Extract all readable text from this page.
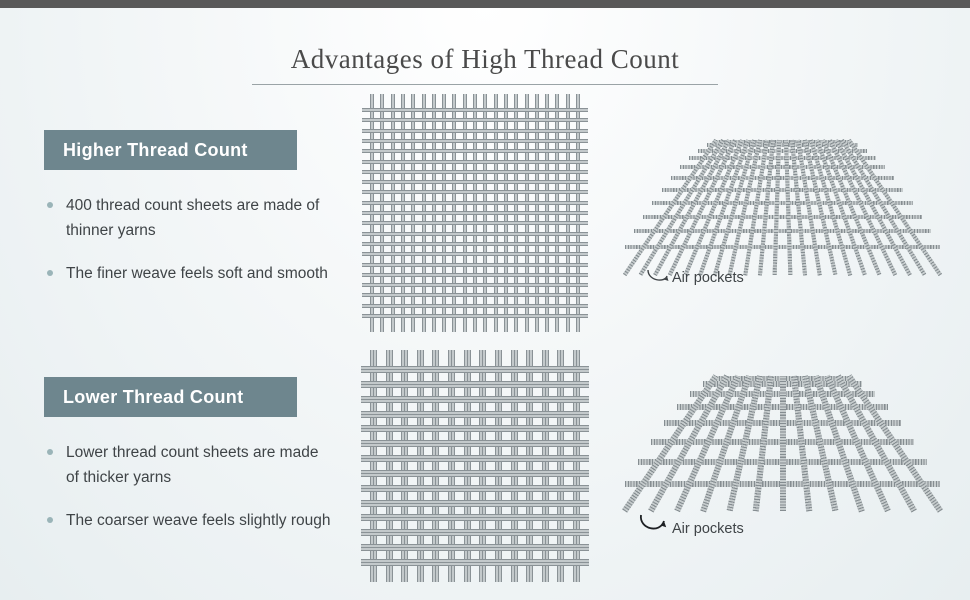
Advantages of High Thread Count
Higher Thread Count
400 thread count sheets are made of thinner yarns
The finer weave feels soft and smooth	Air pockets
Lower Thread Count
Lower thread count sheets are made of thicker yarns
The coarser weave feels slightly rough
Air pockets
